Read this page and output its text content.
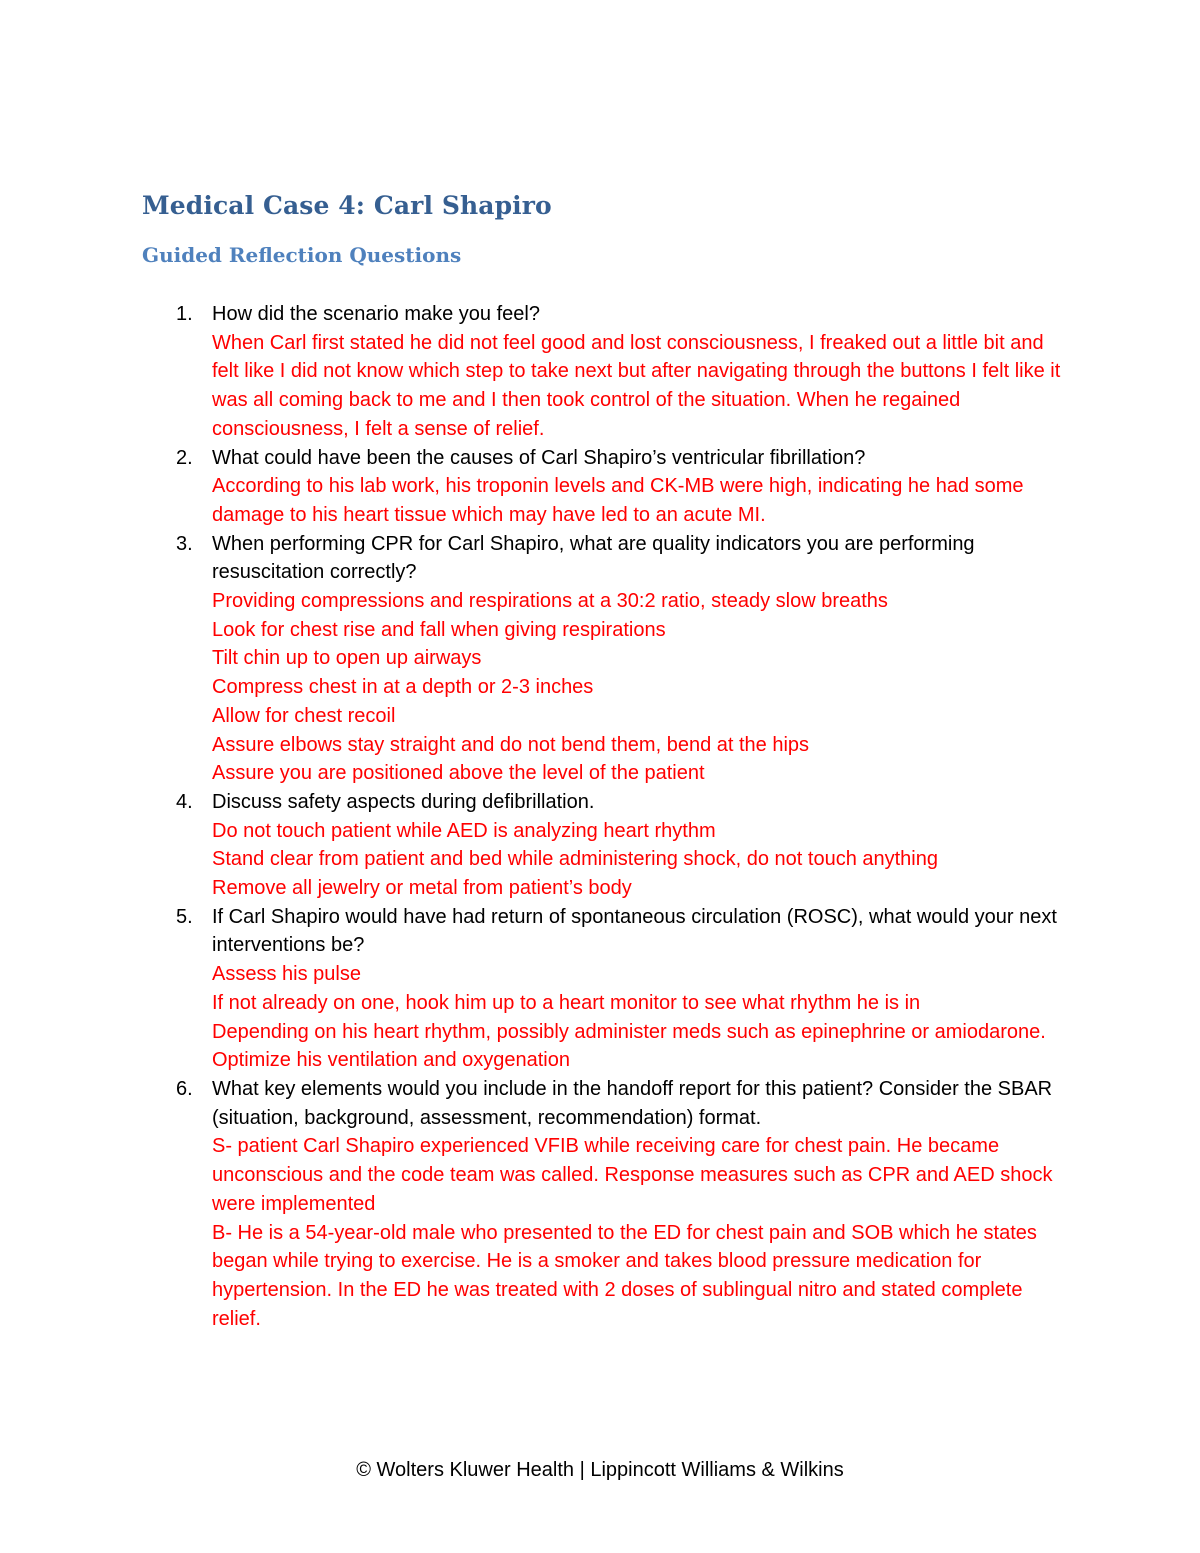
Medical Case 4: Carl Shapiro
Guided Reflection Questions
1. How did the scenario make you feel?
When Carl first stated he did not feel good and lost consciousness, I freaked out a little bit and felt like I did not know which step to take next but after navigating through the buttons I felt like it was all coming back to me and I then took control of the situation. When he regained consciousness, I felt a sense of relief.
2. What could have been the causes of Carl Shapiro’s ventricular fibrillation?
According to his lab work, his troponin levels and CK-MB were high, indicating he had some damage to his heart tissue which may have led to an acute MI.
3. When performing CPR for Carl Shapiro, what are quality indicators you are performing resuscitation correctly?
Providing compressions and respirations at a 30:2 ratio, steady slow breaths
Look for chest rise and fall when giving respirations
Tilt chin up to open up airways
Compress chest in at a depth or 2-3 inches
Allow for chest recoil
Assure elbows stay straight and do not bend them, bend at the hips
Assure you are positioned above the level of the patient
4. Discuss safety aspects during defibrillation.
Do not touch patient while AED is analyzing heart rhythm
Stand clear from patient and bed while administering shock, do not touch anything
Remove all jewelry or metal from patient’s body
5. If Carl Shapiro would have had return of spontaneous circulation (ROSC), what would your next interventions be?
Assess his pulse
If not already on one, hook him up to a heart monitor to see what rhythm he is in
Depending on his heart rhythm, possibly administer meds such as epinephrine or amiodarone.
Optimize his ventilation and oxygenation
6. What key elements would you include in the handoff report for this patient? Consider the SBAR (situation, background, assessment, recommendation) format.
S- patient Carl Shapiro experienced VFIB while receiving care for chest pain. He became unconscious and the code team was called. Response measures such as CPR and AED shock were implemented
B- He is a 54-year-old male who presented to the ED for chest pain and SOB which he states began while trying to exercise. He is a smoker and takes blood pressure medication for hypertension. In the ED he was treated with 2 doses of sublingual nitro and stated complete relief.
© Wolters Kluwer Health | Lippincott Williams & Wilkins
